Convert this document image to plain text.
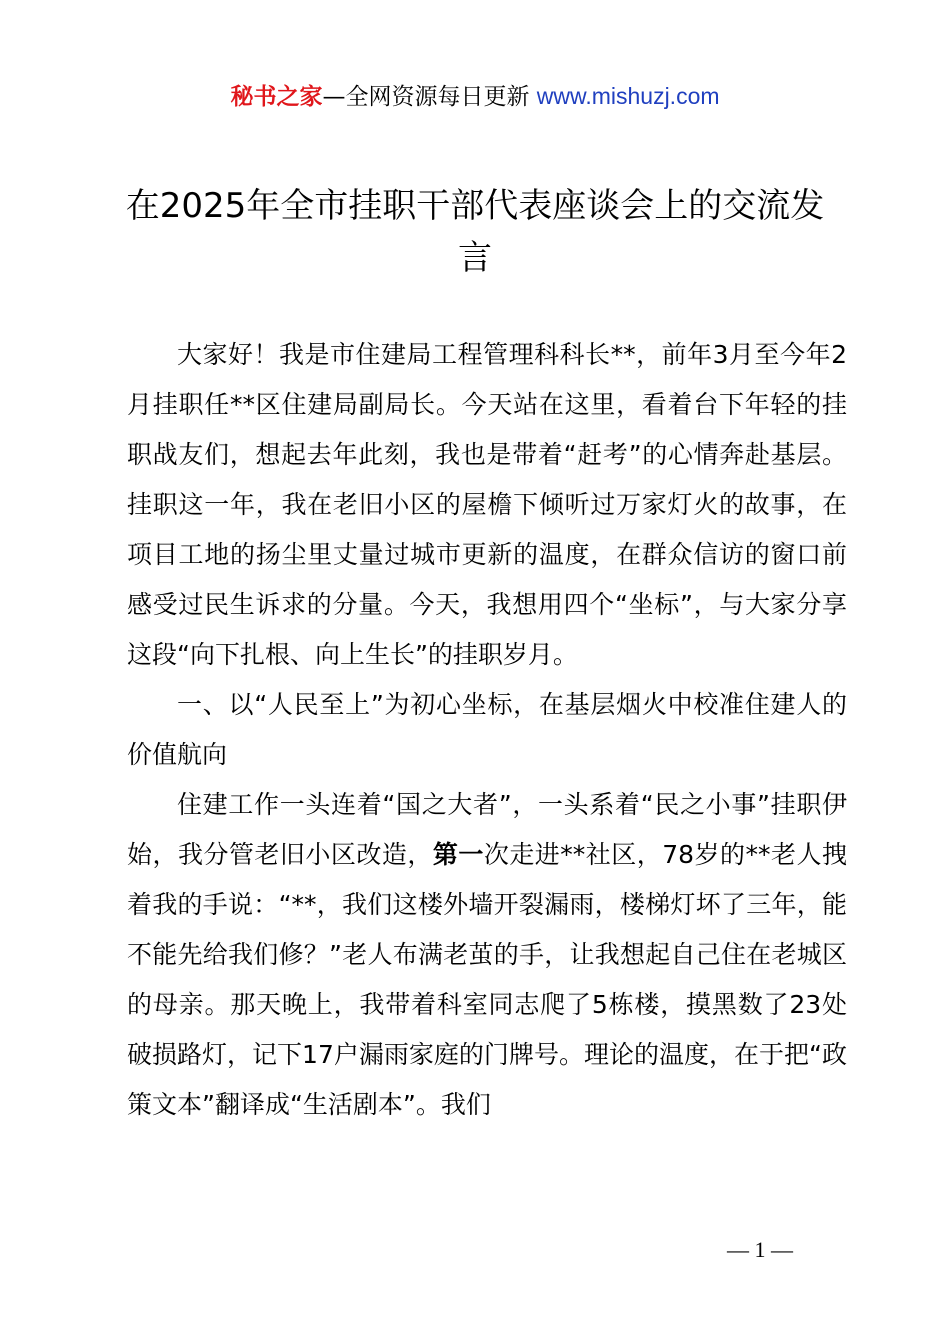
秘书之家—全网资源每日更新 www.mishuzj.com
在2025年全市挂职干部代表座谈会上的交流发言

大家好！我是市住建局工程管理科科长**，前年3月至今年2月挂职任**区住建局副局长。今天站在这里，看着台下年轻的挂职战友们，想起去年此刻，我也是带着“赶考”的心情奔赴基层。挂职这一年，我在老旧小区的屋檐下倾听过万家灯火的故事，在项目工地的扬尘里丈量过城市更新的温度，在群众信访的窗口前感受过民生诉求的分量。今天，我想用四个“坐标”，与大家分享这段“向下扎根、向上生长”的挂职岁月。

一、以“人民至上”为初心坐标，在基层烟火中校准住建人的价值航向

住建工作一头连着“国之大者”，一头系着“民之小事”挂职伊始，我分管老旧小区改造，第一次走进**社区，78岁的**老人拽着我的手说：“**，我们这楼外墙开裂漏雨，楼梯灯坏了三年，能不能先给我们修？”老人布满老茧的手，让我想起自己住在老城区的母亲。那天晚上，我带着科室同志爬了5栋楼，摸黑数了23处破损路灯，记下17户漏雨家庭的门牌号。理论的温度，在于把“政策文本”翻译成“生活剧本”。我们

— 1 —
